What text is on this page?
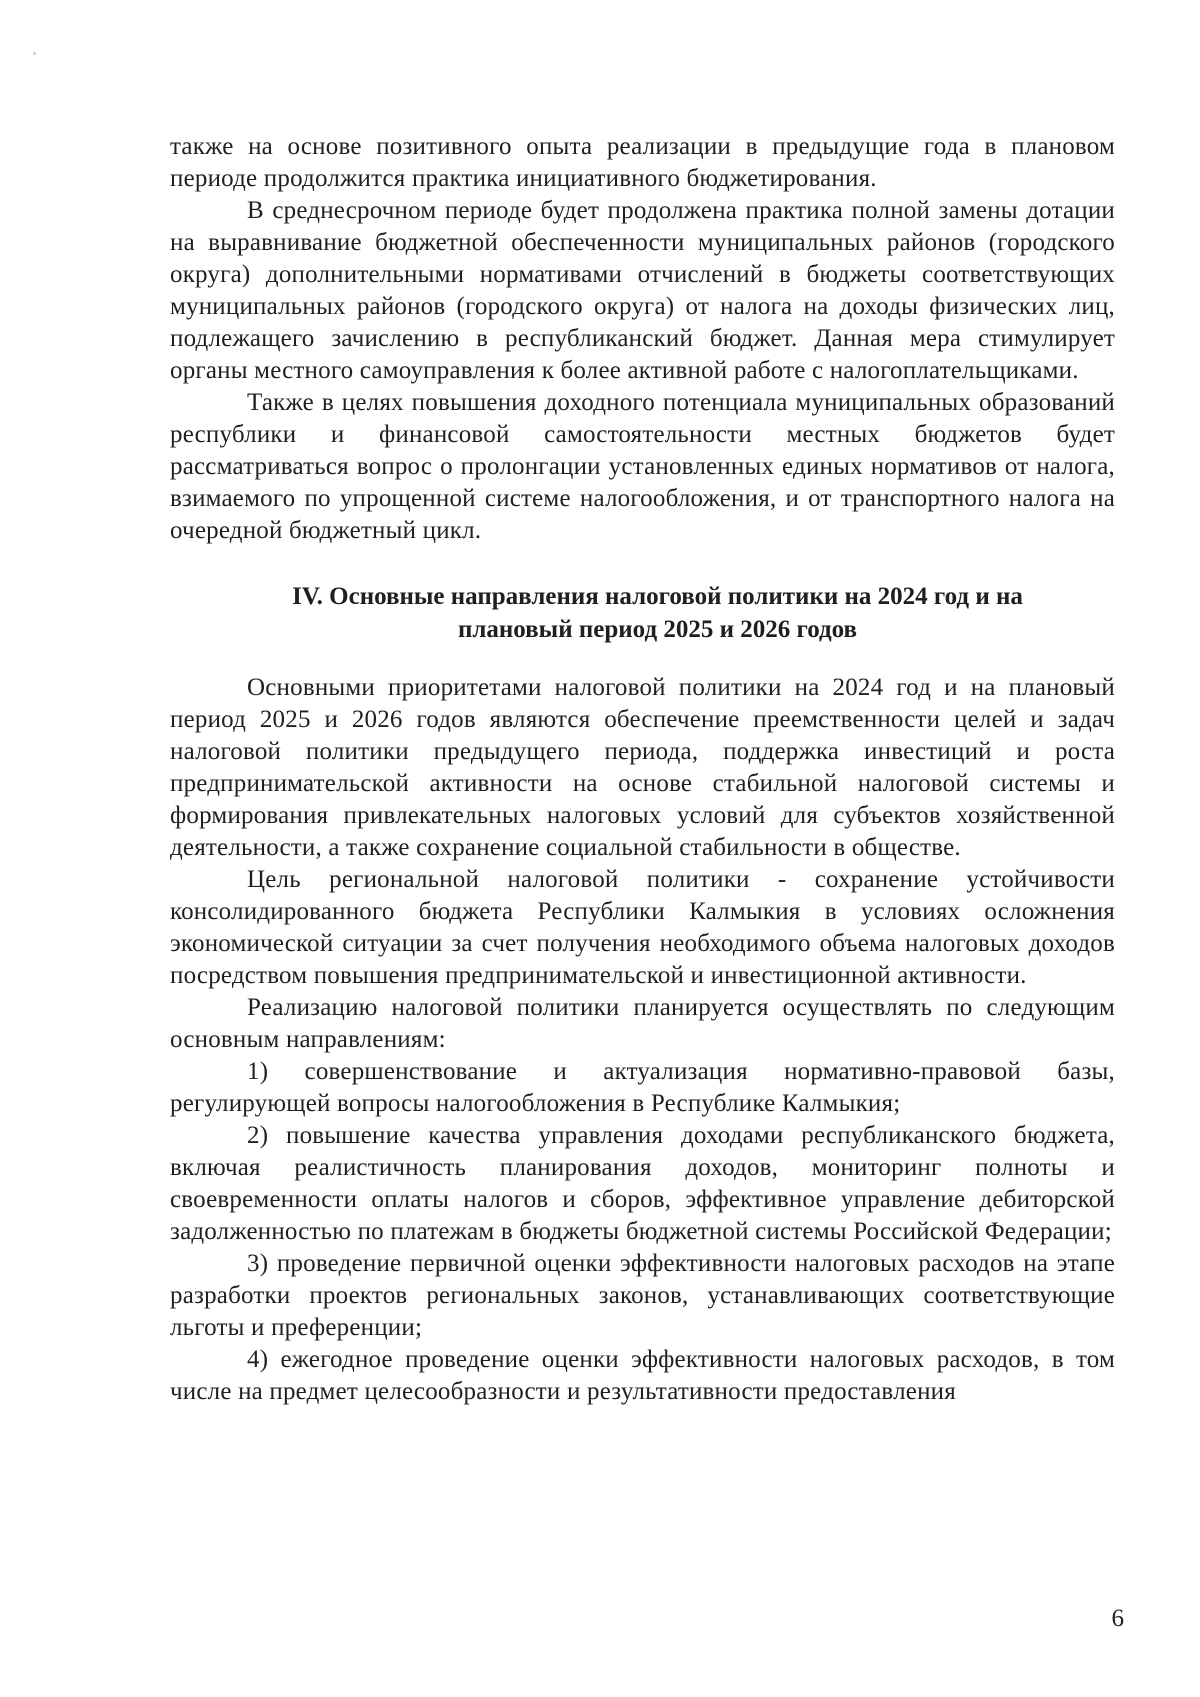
также на основе позитивного опыта реализации в предыдущие года в плановом периоде продолжится практика инициативного бюджетирования.

В среднесрочном периоде будет продолжена практика полной замены дотации на выравнивание бюджетной обеспеченности муниципальных районов (городского округа) дополнительными нормативами отчислений в бюджеты соответствующих муниципальных районов (городского округа) от налога на доходы физических лиц, подлежащего зачислению в республиканский бюджет. Данная мера стимулирует органы местного самоуправления к более активной работе с налогоплательщиками.

Также в целях повышения доходного потенциала муниципальных образований республики и финансовой самостоятельности местных бюджетов будет рассматриваться вопрос о пролонгации установленных единых нормативов от налога, взимаемого по упрощенной системе налогообложения, и от транспортного налога на очередной бюджетный цикл.

IV. Основные направления налоговой политики на 2024 год и на
плановый период 2025 и 2026 годов

Основными приоритетами налоговой политики на 2024 год и на плановый период 2025 и 2026 годов являются обеспечение преемственности целей и задач налоговой политики предыдущего периода, поддержка инвестиций и роста предпринимательской активности на основе стабильной налоговой системы и формирования привлекательных налоговых условий для субъектов хозяйственной деятельности, а также сохранение социальной стабильности в обществе.

Цель региональной налоговой политики - сохранение устойчивости консолидированного бюджета Республики Калмыкия в условиях осложнения экономической ситуации за счет получения необходимого объема налоговых доходов посредством повышения предпринимательской и инвестиционной активности.

Реализацию налоговой политики планируется осуществлять по следующим основным направлениям:

1) совершенствование и актуализация нормативно-правовой базы, регулирующей вопросы налогообложения в Республике Калмыкия;

2) повышение качества управления доходами республиканского бюджета, включая реалистичность планирования доходов, мониторинг полноты и своевременности оплаты налогов и сборов, эффективное управление дебиторской задолженностью по платежам в бюджеты бюджетной системы Российской Федерации;

3) проведение первичной оценки эффективности налоговых расходов на этапе разработки проектов региональных законов, устанавливающих соответствующие льготы и преференции;

4) ежегодное проведение оценки эффективности налоговых расходов, в том числе на предмет целесообразности и результативности предоставления

6
